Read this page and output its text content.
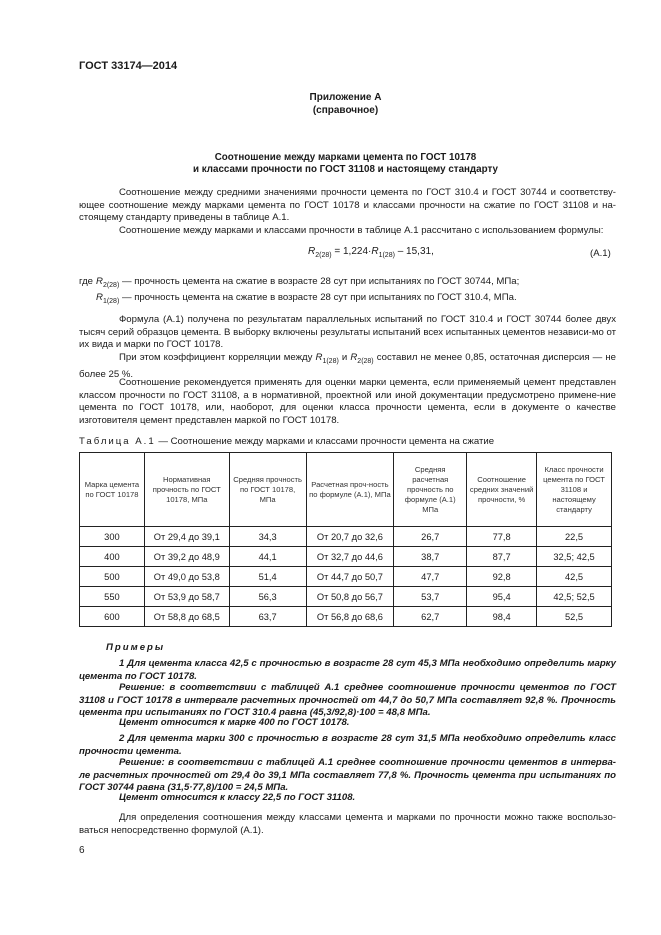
ГОСТ 33174—2014
Приложение А
(справочное)
Соотношение между марками цемента по ГОСТ 10178
и классами прочности по ГОСТ 31108 и настоящему стандарту
Соотношение между средними значениями прочности цемента по ГОСТ 310.4 и ГОСТ 30744 и соответству-ющее соотношение между марками цемента по ГОСТ 10178 и классами прочности на сжатие по ГОСТ 31108 и на-стоящему стандарту приведены в таблице А.1.
Соотношение между марками и классами прочности в таблице А.1 рассчитано с использованием формулы:
$R_{2(28)} = 1,224\cdot R_{1(28)} - 15,31$,	(А.1)
где $R_{2(28)}$ — прочность цемента на сжатие в возрасте 28 сут при испытаниях по ГОСТ 30744, МПа;
$R_{1(28)}$ — прочность цемента на сжатие в возрасте 28 сут при испытаниях по ГОСТ 310.4, МПа.
Формула (А.1) получена по результатам параллельных испытаний по ГОСТ 310.4 и ГОСТ 30744 более двух тысяч серий образцов цемента. В выборку включены результаты испытаний всех испытанных цементов независи-мо от их вида и марки по ГОСТ 10178.
При этом коэффициент корреляции между $R_{1(28)}$ и $R_{2(28)}$ составил не менее 0,85, остаточная дисперсия — не более 25 %.
Соотношение рекомендуется применять для оценки марки цемента, если применяемый цемент представлен классом прочности по ГОСТ 31108, а в нормативной, проектной или иной документации предусмотрено примене-ние цемента по ГОСТ 10178, или, наоборот, для оценки класса прочности цемента, если в документе о качестве изготовителя цемент представлен маркой по ГОСТ 10178.
Таблица А.1 — Соотношение между марками и классами прочности цемента на сжатие
Марка цемента по ГОСТ 10178	Нормативная прочность по ГОСТ 10178, МПа	Средняя прочность по ГОСТ 10178, МПа	Расчетная проч-ность по формуле (А.1), МПа	Средняя расчетная прочность по формуле (А.1) МПа	Соотношение средних значений прочности, %	Класс прочности цемента по ГОСТ 31108 и настоящему стандарту
300	От 29,4 до 39,1	34,3	От 20,7 до 32,6	26,7	77,8	22,5
400	От 39,2 до 48,9	44,1	От 32,7 до 44,6	38,7	87,7	32,5; 42,5
500	От 49,0 до 53,8	51,4	От 44,7 до 50,7	47,7	92,8	42,5
550	От 53,9 до 58,7	56,3	От 50,8 до 56,7	53,7	95,4	42,5; 52,5
600	От 58,8 до 68,5	63,7	От 56,8 до 68,6	62,7	98,4	52,5
Примеры
1 Для цемента класса 42,5 с прочностью в возрасте 28 сут 45,3 МПа необходимо определить марку цемента по ГОСТ 10178.
Решение: в соответствии с таблицей А.1 среднее соотношение прочности цементов по ГОСТ 31108 и ГОСТ 10178 в интервале расчетных прочностей от 44,7 до 50,7 МПа составляет 92,8 %. Прочность цемента при испытаниях по ГОСТ 310.4 равна (45,3/92,8)·100 = 48,8 МПа.
Цемент относится к марке 400 по ГОСТ 10178.
2 Для цемента марки 300 с прочностью в возрасте 28 сут 31,5 МПа необходимо определить класс прочности цемента.
Решение: в соответствии с таблицей А.1 среднее соотношение прочности цементов в интерва-ле расчетных прочностей от 29,4 до 39,1 МПа составляет 77,8 %. Прочность цемента при испытаниях по ГОСТ 30744 равна (31,5·77,8)/100 = 24,5 МПа.
Цемент относится к классу 22,5 по ГОСТ 31108.
Для определения соотношения между классами цемента и марками по прочности можно также воспользо-ваться непосредственно формулой (А.1).
6
